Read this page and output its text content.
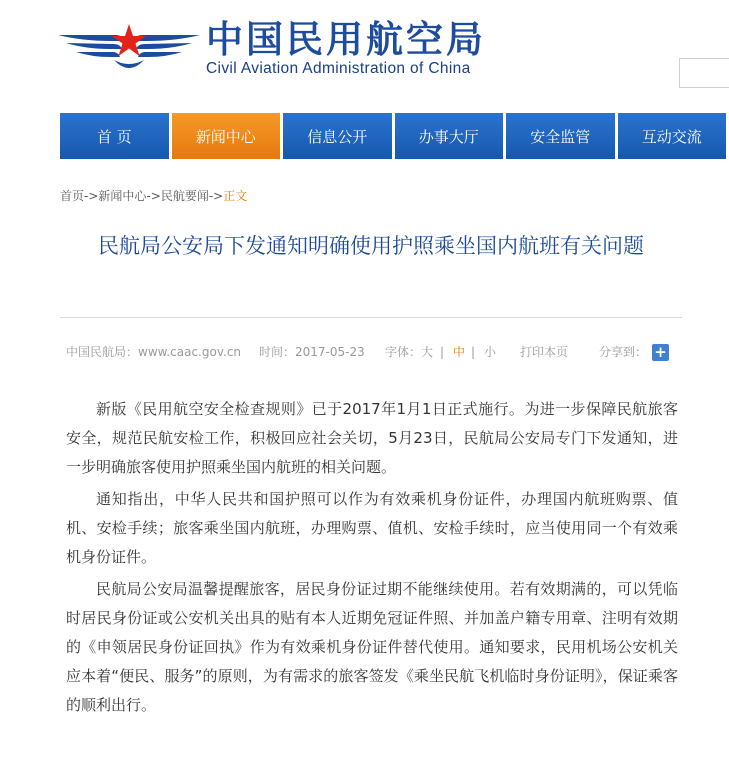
中国民用航空局
Civil Aviation Administration of China
首 页	新闻中心	信息公开	办事大厅	安全监管	互动交流
首页->新闻中心->民航要闻->正文
民航局公安局下发通知明确使用护照乘坐国内航班有关问题
中国民航局：www.caac.gov.cn 时间：2017-05-23 字体： 大 | 中 | 小 打印本页	分享到： +

新版《民用航空安全检查规则》已于2017年1月1日正式施行。为进一步保障民航旅客安全，规范民航安检工作，积极回应社会关切，5月23日，民航局公安局专门下发通知，进一步明确旅客使用护照乘坐国内航班的相关问题。

通知指出，中华人民共和国护照可以作为有效乘机身份证件，办理国内航班购票、值机、安检手续；旅客乘坐国内航班，办理购票、值机、安检手续时，应当使用同一个有效乘机身份证件。

民航局公安局温馨提醒旅客，居民身份证过期不能继续使用。若有效期满的，可以凭临时居民身份证或公安机关出具的贴有本人近期免冠证件照、并加盖户籍专用章、注明有效期的《申领居民身份证回执》作为有效乘机身份证件替代使用。通知要求，民用机场公安机关应本着“便民、服务”的原则，为有需求的旅客签发《乘坐民航飞机临时身份证明》，保证乘客的顺利出行。
